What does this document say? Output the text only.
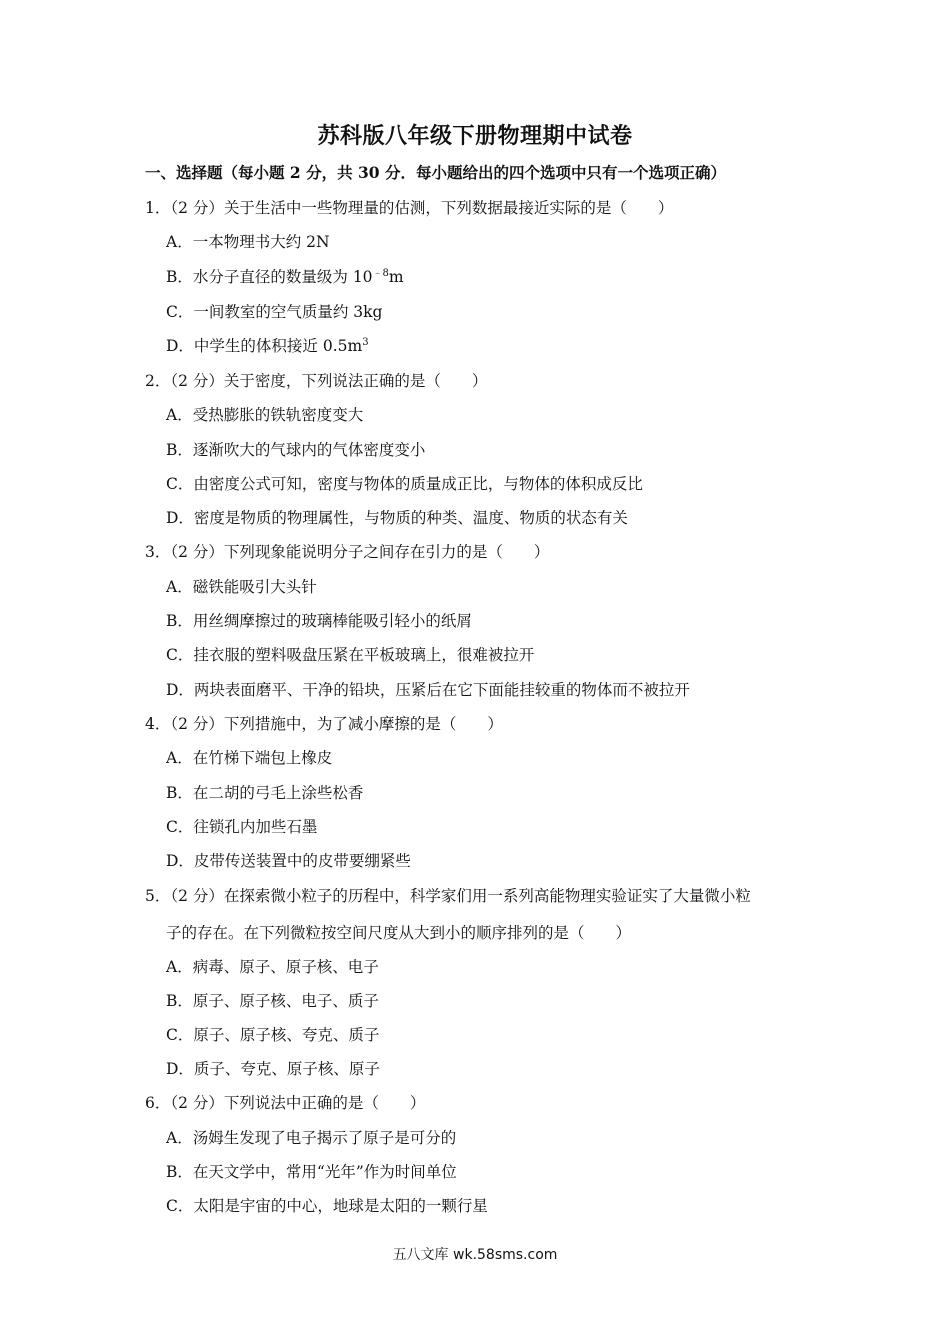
苏科版八年级下册物理期中试卷
一、选择题（每小题 2 分，共 30 分．每小题给出的四个选项中只有一个选项正确）
1．（2 分）关于生活中一些物理量的估测，下列数据最接近实际的是（　　）
A．一本物理书大约 2N
B．水分子直径的数量级为 $10^{﹣8}m$
C．一间教室的空气质量约 3kg
D．中学生的体积接近 $0.5m^3$
2．（2 分）关于密度，下列说法正确的是（　　）
A．受热膨胀的铁轨密度变大
B．逐渐吹大的气球内的气体密度变小
C．由密度公式可知，密度与物体的质量成正比，与物体的体积成反比
D．密度是物质的物理属性，与物质的种类、温度、物质的状态有关
3．（2 分）下列现象能说明分子之间存在引力的是（　　）
A．磁铁能吸引大头针
B．用丝绸摩擦过的玻璃棒能吸引轻小的纸屑
C．挂衣服的塑料吸盘压紧在平板玻璃上，很难被拉开
D．两块表面磨平、干净的铅块，压紧后在它下面能挂较重的物体而不被拉开
4．（2 分）下列措施中，为了减小摩擦的是（　　）
A．在竹梯下端包上橡皮
B．在二胡的弓毛上涂些松香
C．往锁孔内加些石墨
D．皮带传送装置中的皮带要绷紧些
5．（2 分）在探索微小粒子的历程中，科学家们用一系列高能物理实验证实了大量微小粒
子的存在。在下列微粒按空间尺度从大到小的顺序排列的是（　　）
A．病毒、原子、原子核、电子
B．原子、原子核、电子、质子
C．原子、原子核、夸克、质子
D．质子、夸克、原子核、原子
6．（2 分）下列说法中正确的是（　　）
A．汤姆生发现了电子揭示了原子是可分的
B．在天文学中，常用“光年”作为时间单位
C．太阳是宇宙的中心，地球是太阳的一颗行星
五八文库 wk.58sms.com
